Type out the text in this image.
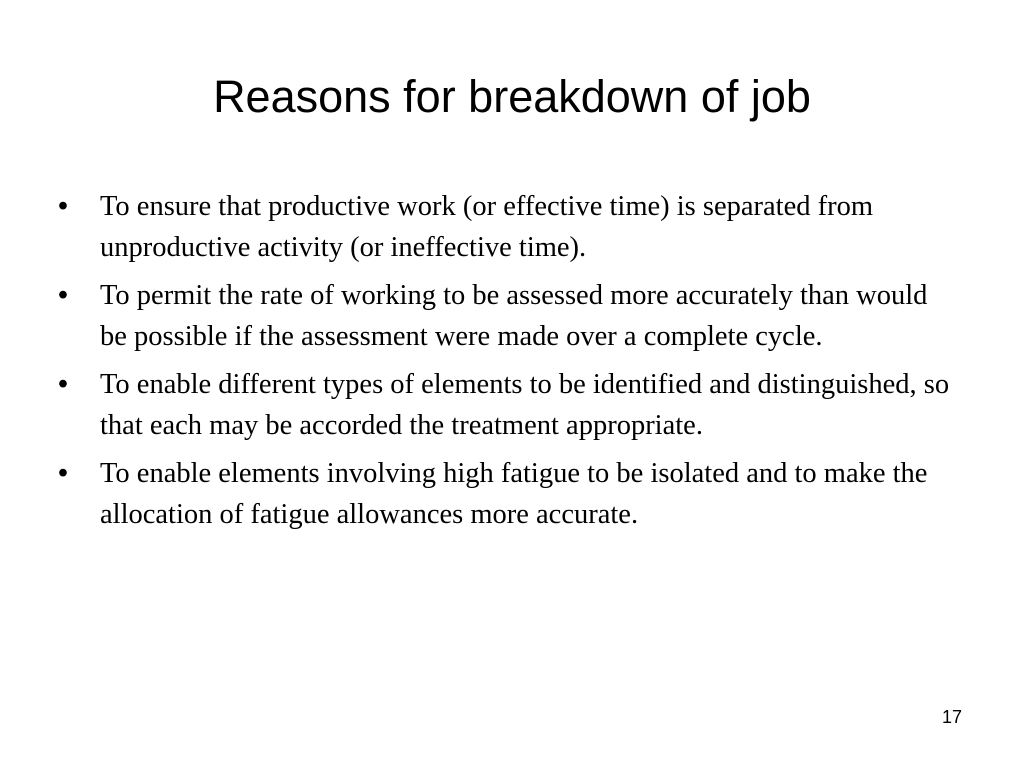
Reasons for breakdown of job
•	To ensure that productive work (or effective time) is separated from unproductive activity (or ineffective time).
•	To permit the rate of working to be assessed more accurately than would be possible if the assessment were made over a complete cycle.
•	To enable different types of elements to be identified and distinguished, so that each may be accorded the treatment appropriate.
•	To enable elements involving high fatigue to be isolated and to make the allocation of fatigue allowances more accurate.
17
